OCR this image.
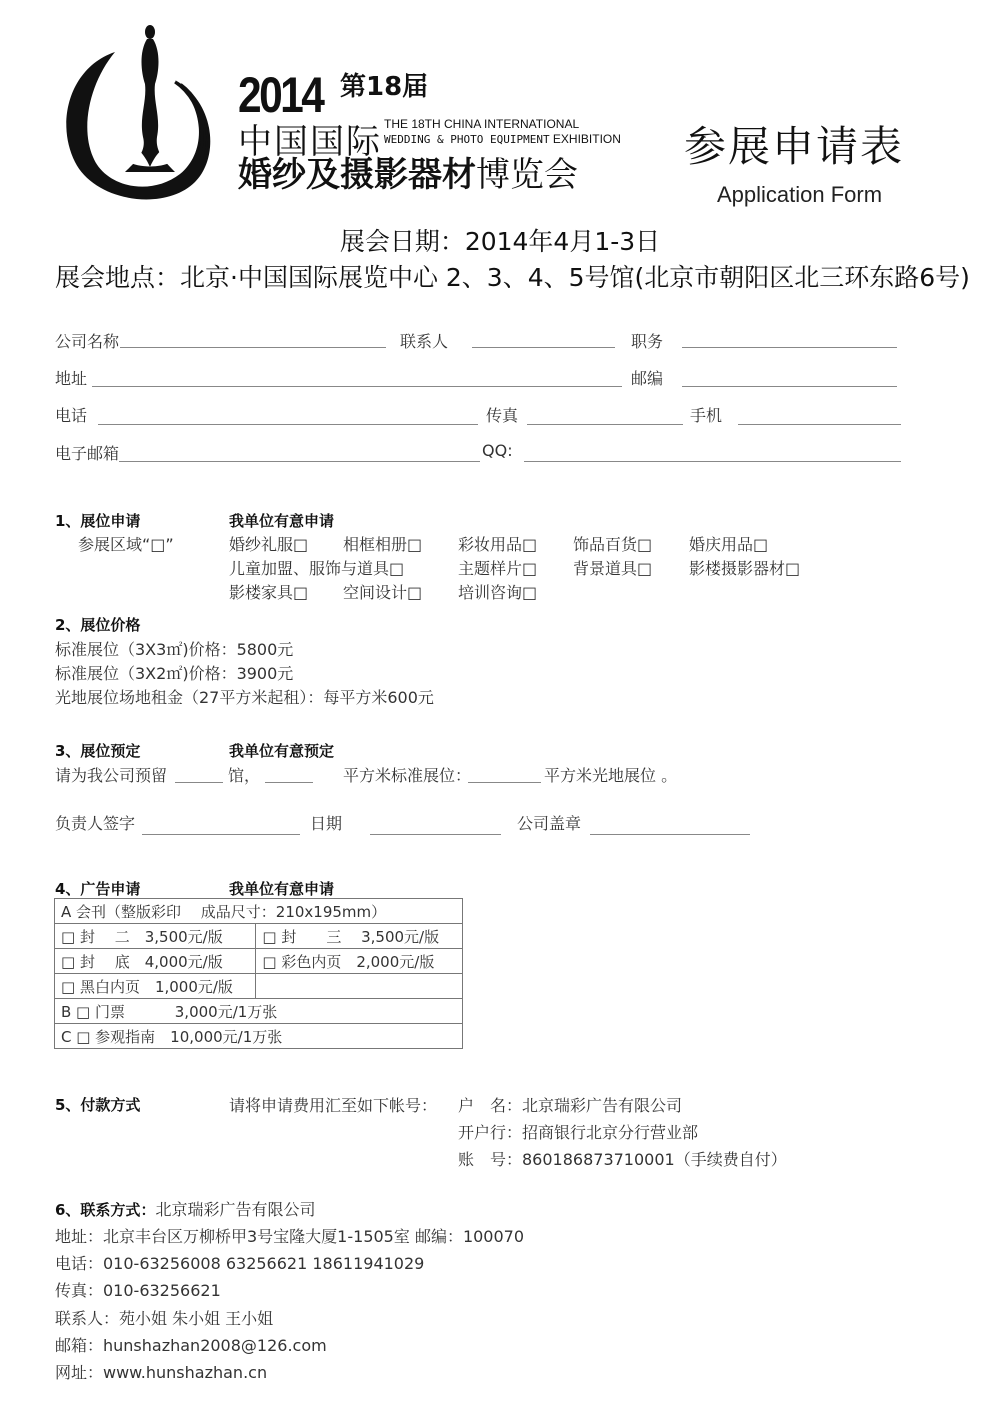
2014 第18届
中国国际 THE 18TH CHINA INTERNATIONAL
WEDDING & PHOTO EQUIPMENT EXHIBITION
婚纱及摄影器材博览会
参展申请表
Application Form
展会日期：2014年4月1-3日
展会地点：北京·中国国际展览中心 2、3、4、5号馆(北京市朝阳区北三环东路6号)
公司名称	联系人	职务
地址	邮编
电话	传真	手机
电子邮箱	QQ:
1、展位申请	我单位有意申请
参展区域“□”	婚纱礼服□ 相框相册□ 彩妆用品□ 饰品百货□ 婚庆用品□
儿童加盟、服饰与道具□	主题样片□ 背景道具□ 影楼摄影器材□
影楼家具□ 空间设计□ 培训咨询□
2、展位价格
标准展位（3X3㎡)价格：5800元
标准展位（3X2㎡)价格：3900元
光地展位场地租金（27平方米起租）：每平方米600元
3、展位预定	我单位有意预定
请为我公司预留	馆，	平方米标准展位：	平方米光地展位 。
负责人签字	日期	公司盖章
4、广告申请	我单位有意申请
A 会刊（整版彩印　 成品尺寸：210x195mm）	
□ 封　 二　3,500元/版	□ 封　　三　 3,500元/版
□ 封　 底　4,000元/版	□ 彩色内页　2,000元/版
□ 黑白内页　1,000元/版	
B □ 门票　　　 3,000元/1万张	
C □ 参观指南　10,000元/1万张	
5、付款方式	请将申请费用汇至如下帐号： 户　名：北京瑞彩广告有限公司
开户行：招商银行北京分行营业部
账　号：860186873710001（手续费自付）
6、联系方式：北京瑞彩广告有限公司
地址：北京丰台区万柳桥甲3号宝隆大厦1-1505室 邮编：100070
电话：010-63256008 63256621 18611941029
传真：010-63256621
联系人：苑小姐 朱小姐 王小姐
邮箱：hunshazhan2008@126.com
网址：www.hunshazhan.cn
